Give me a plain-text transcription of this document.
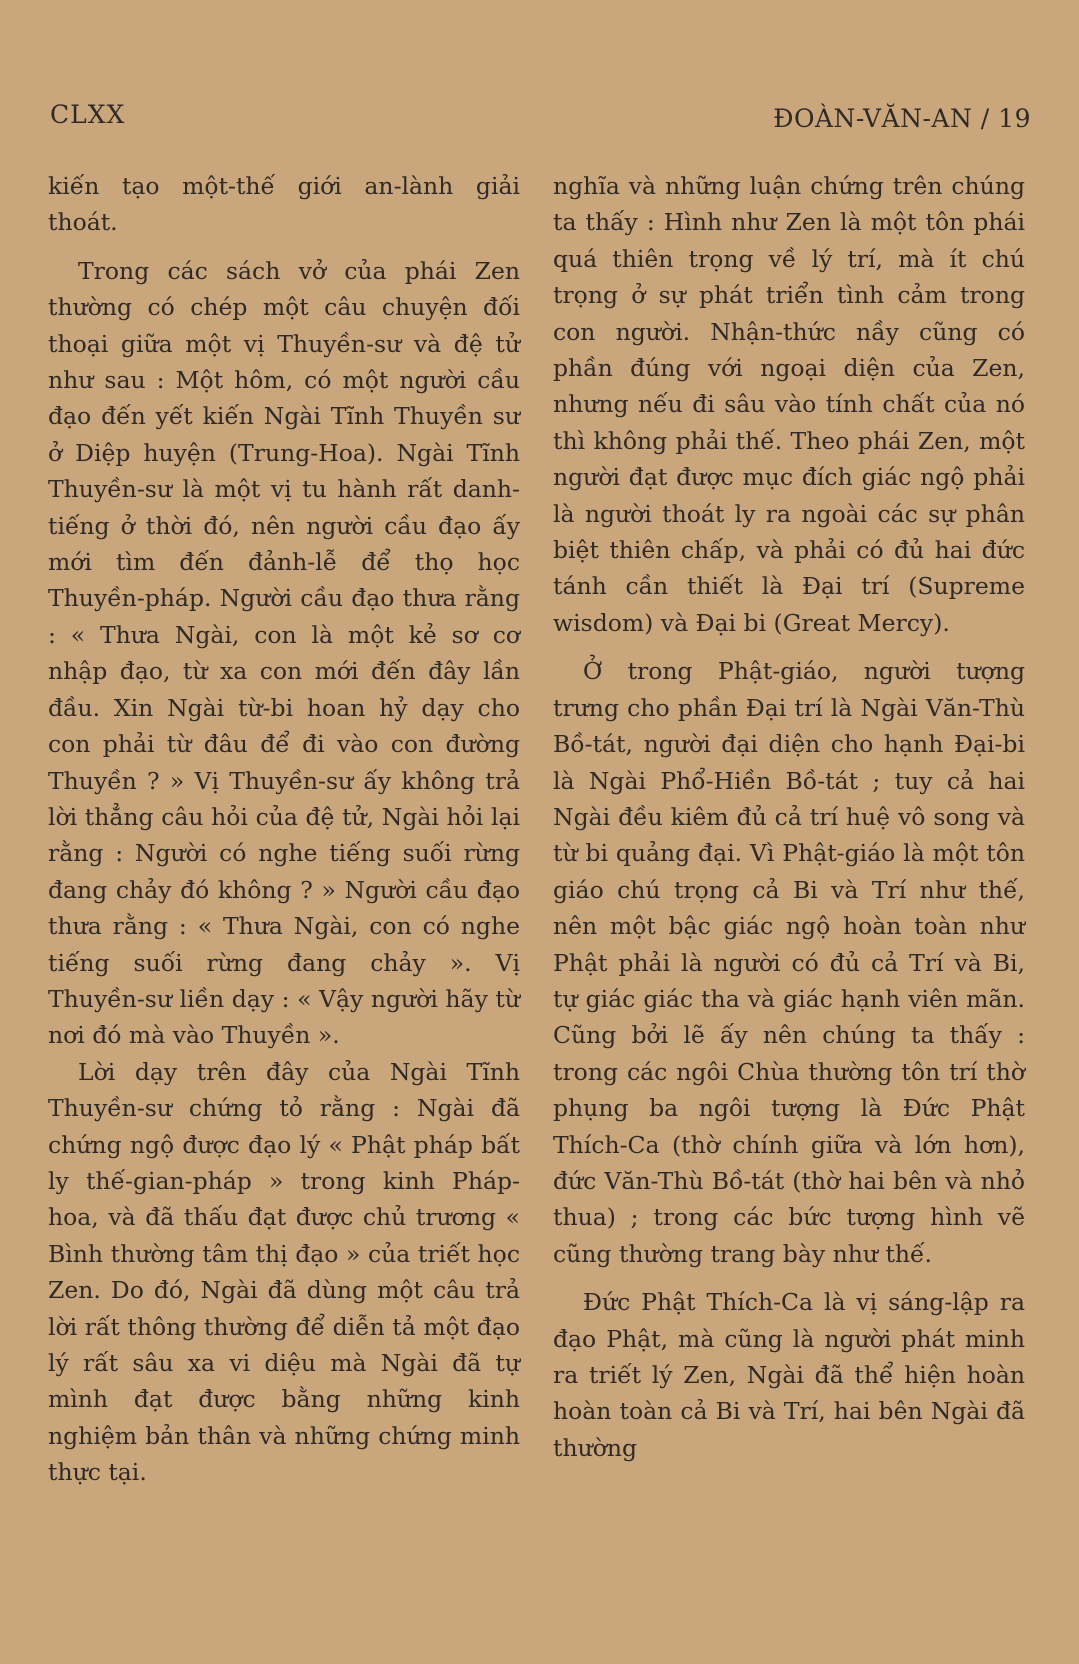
CLXX	ĐOÀN-VĂN-AN / 19

kiến tạo một-thế giới an-lành giải thoát.

Trong các sách vở của phái Zen thường có chép một câu chuyện đối thoại giữa một vị Thuyền-sư và đệ tử như sau : Một hôm, có một người cầu đạo đến yết kiến Ngài Tĩnh Thuyền sư ở Diệp huyện (Trung-Hoa). Ngài Tĩnh Thuyền-sư là một vị tu hành rất danh-tiếng ở thời đó, nên người cầu đạo ấy mới tìm đến đảnh-lễ để thọ học Thuyền-pháp. Người cầu đạo thưa rằng : « Thưa Ngài, con là một kẻ sơ cơ nhập đạo, từ xa con mới đến đây lần đầu. Xin Ngài từ-bi hoan hỷ dạy cho con phải từ đâu để đi vào con đường Thuyền ? » Vị Thuyền-sư ấy không trả lời thẳng câu hỏi của đệ tử, Ngài hỏi lại rằng : Người có nghe tiếng suối rừng đang chảy đó không ? » Người cầu đạo thưa rằng : « Thưa Ngài, con có nghe tiếng suối rừng đang chảy ». Vị Thuyền-sư liền dạy : « Vậy người hãy từ nơi đó mà vào Thuyền ».

Lời dạy trên đây của Ngài Tĩnh Thuyền-sư chứng tỏ rằng : Ngài đã chứng ngộ được đạo lý « Phật pháp bất ly thế-gian-pháp » trong kinh Pháp-hoa, và đã thấu đạt được chủ trương « Bình thường tâm thị đạo » của triết học Zen. Do đó, Ngài đã dùng một câu trả lời rất thông thường để diễn tả một đạo lý rất sâu xa vi diệu mà Ngài đã tự mình đạt được bằng những kinh nghiệm bản thân và những chứng minh thực tại.

nghĩa và những luận chứng trên chúng ta thấy : Hình như Zen là một tôn phái quá thiên trọng về lý trí, mà ít chú trọng ở sự phát triển tình cảm trong con người. Nhận-thức nầy cũng có phần đúng với ngoại diện của Zen, nhưng nếu đi sâu vào tính chất của nó thì không phải thế. Theo phái Zen, một người đạt được mục đích giác ngộ phải là người thoát ly ra ngoài các sự phân biệt thiên chấp, và phải có đủ hai đức tánh cần thiết là Đại trí (Supreme wisdom) và Đại bi (Great Mercy).

Ở trong Phật-giáo, người tượng trưng cho phần Đại trí là Ngài Văn-Thù Bồ-tát, người đại diện cho hạnh Đại-bi là Ngài Phổ-Hiền Bồ-tát ; tuy cả hai Ngài đều kiêm đủ cả trí huệ vô song và từ bi quảng đại. Vì Phật-giáo là một tôn giáo chú trọng cả Bi và Trí như thế, nên một bậc giác ngộ hoàn toàn như Phật phải là người có đủ cả Trí và Bi, tự giác giác tha và giác hạnh viên mãn. Cũng bởi lẽ ấy nên chúng ta thấy : trong các ngôi Chùa thường tôn trí thờ phụng ba ngôi tượng là Đức Phật Thích-Ca (thờ chính giữa và lớn hơn), đức Văn-Thù Bồ-tát (thờ hai bên và nhỏ thua) ; trong các bức tượng hình vẽ cũng thường trang bày như thế.

Đức Phật Thích-Ca là vị sáng-lập ra đạo Phật, mà cũng là người phát minh ra triết lý Zen, Ngài đã thể hiện hoàn hoàn toàn cả Bi và Trí, hai bên Ngài đã thường
